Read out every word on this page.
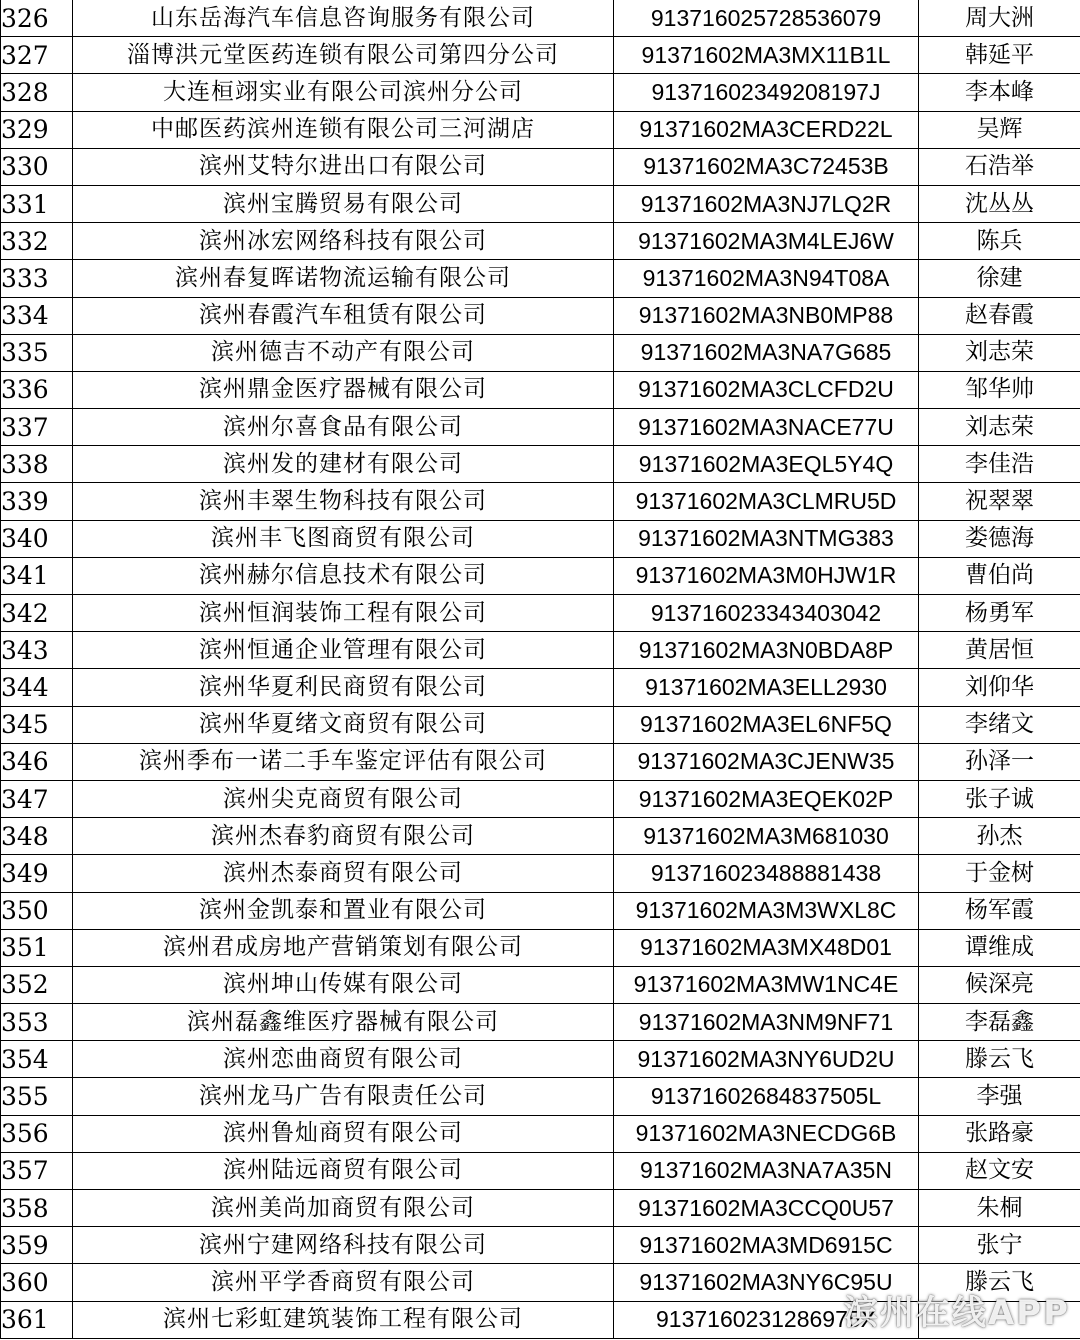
326	山东岳海汽车信息咨询服务有限公司	91371602572853607​9	周大洲
327	淄博洪元堂医药连锁有限公司第四分公司	91371602MA3MX11B1L	韩延平
328	大连桓翊实业有限公司滨州分公司	91371602349208197J	李本峰
329	中邮医药滨州连锁有限公司三河湖店	91371602MA3CERD22L	吴辉
330	滨州艾特尔进出口有限公司	91371602MA3C72453B	石浩举
331	滨州宝腾贸易有限公司	91371602MA3NJ7LQ2R	沈丛丛
332	滨州冰宏网络科技有限公司	91371602MA3M4LEJ6W	陈兵
333	滨州春复晖诺物流运输有限公司	91371602MA3N94T08A	徐建
334	滨州春霞汽车租赁有限公司	91371602MA3NB0MP88	赵春霞
335	滨州德吉不动产有限公司	91371602MA3NA7G685	刘志荣
336	滨州鼎金医疗器械有限公司	91371602MA3CLCFD2U	邹华帅
337	滨州尔喜食品有限公司	91371602MA3NACE77U	刘志荣
338	滨州发的建材有限公司	91371602MA3EQL5Y4Q	李佳浩
339	滨州丰翠生物科技有限公司	91371602MA3CLMRU5D	祝翠翠
340	滨州丰飞图商贸有限公司	91371602MA3NTMG383	娄德海
341	滨州赫尔信息技术有限公司	91371602MA3M0HJW1R	曹伯尚
342	滨州恒润装饰工程有限公司	913716023343403042	杨勇军
343	滨州恒通企业管理有限公司	91371602MA3N0BDA8P	黄居恒
344	滨州华夏利民商贸有限公司	91371602MA3ELL2930	刘仰华
345	滨州华夏绪文商贸有限公司	91371602MA3EL6NF5Q	李绪文
346	滨州季布一诺二手车鉴定评估有限公司	91371602MA3CJENW35	孙泽一
347	滨州尖克商贸有限公司	91371602MA3EQEK02P	张子诚
348	滨州杰春豹商贸有限公司	91371602MA3M681030	孙杰
349	滨州杰泰商贸有限公司	913716023488881438	于金树
350	滨州金凯泰和置业有限公司	91371602MA3M3WXL8C	杨军霞
351	滨州君成房地产营销策划有限公司	91371602MA3MX48D01	谭维成
352	滨州坤山传媒有限公司	91371602MA3MW1NC4E	候深亮
353	滨州磊鑫维医疗器械有限公司	91371602MA3NM9NF71	李磊鑫
354	滨州恋曲商贸有限公司	91371602MA3NY6UD2U	滕云飞
355	滨州龙马广告有限责任公司	91371602684837505L	李强
356	滨州鲁灿商贸有限公司	91371602MA3NECDG6B	张路豪
357	滨州陆远商贸有限公司	91371602MA3NA7A35N	赵文安
358	滨州美尚加商贸有限公司	91371602MA3CCQ0U57	朱桐
359	滨州宁建网络科技有限公司	91371602MA3MD6915C	张宁
360	滨州平学香商贸有限公司	91371602MA3NY6C95U	滕云飞
361	滨州七彩虹建筑装饰工程有限公司	913716023128697​5X	
滨州在线APP
